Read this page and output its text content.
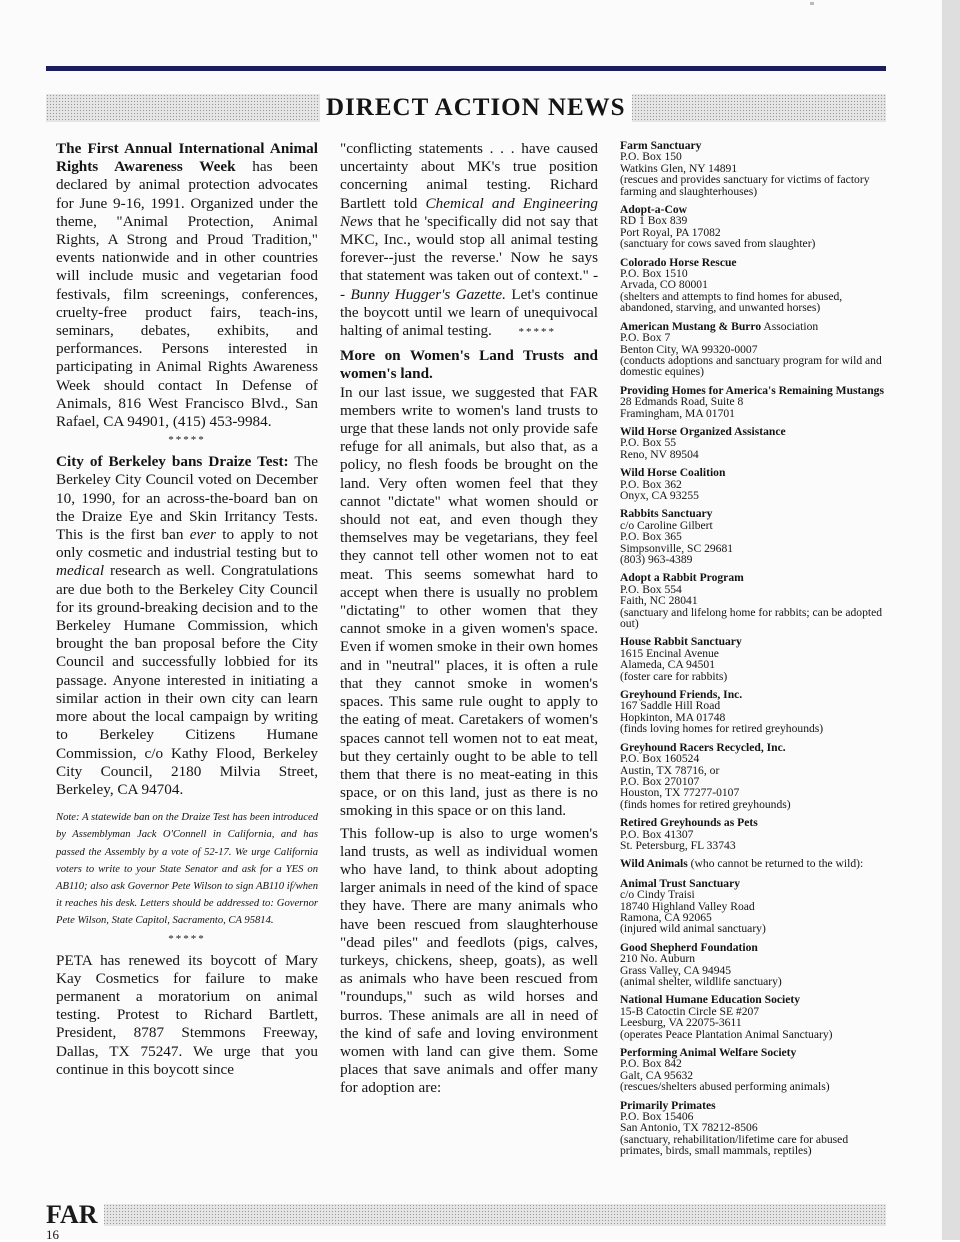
DIRECT ACTION NEWS

The First Annual International Animal Rights Awareness Week has been declared by animal protection advocates for June 9-16, 1991. Organized under the theme, "Animal Protection, Animal Rights, A Strong and Proud Tradition," events nationwide and in other countries will include music and vegetarian food festivals, film screenings, conferences, cruelty-free product fairs, teach-ins, seminars, debates, exhibits, and performances. Persons interested in participating in Animal Rights Awareness Week should contact In Defense of Animals, 816 West Francisco Blvd., San Rafael, CA 94901, (415) 453-9984.

*****

City of Berkeley bans Draize Test: The Berkeley City Council voted on December 10, 1990, for an across-the-board ban on the Draize Eye and Skin Irritancy Tests. This is the first ban ever to apply to not only cosmetic and industrial testing but to medical research as well. Congratulations are due both to the Berkeley City Council for its ground-breaking decision and to the Berkeley Humane Commission, which brought the ban proposal before the City Council and successfully lobbied for its passage. Anyone interested in initiating a similar action in their own city can learn more about the local campaign by writing to Berkeley Citizens Humane Commission, c/o Kathy Flood, Berkeley City Council, 2180 Milvia Street, Berkeley, CA 94704.

Note: A statewide ban on the Draize Test has been introduced by Assemblyman Jack O'Connell in California, and has passed the Assembly by a vote of 52-17. We urge California voters to write to your State Senator and ask for a YES on AB110; also ask Governor Pete Wilson to sign AB110 if/when it reaches his desk. Letters should be addressed to: Governor Pete Wilson, State Capitol, Sacramento, CA 95814.

*****

PETA has renewed its boycott of Mary Kay Cosmetics for failure to make permanent a moratorium on animal testing. Protest to Richard Bartlett, President, 8787 Stemmons Freeway, Dallas, TX 75247. We urge that you continue in this boycott since

"conflicting statements . . . have caused uncertainty about MK's true position concerning animal testing. Richard Bartlett told Chemical and Engineering News that he 'specifically did not say that MKC, Inc., would stop all animal testing forever--just the reverse.' Now he says that statement was taken out of context." -- Bunny Hugger's Gazette. Let's continue the boycott until we learn of unequivocal halting of animal testing. *****

More on Women's Land Trusts and women's land.

In our last issue, we suggested that FAR members write to women's land trusts to urge that these lands not only provide safe refuge for all animals, but also that, as a policy, no flesh foods be brought on the land. Very often women feel that they cannot "dictate" what women should or should not eat, and even though they themselves may be vegetarians, they feel they cannot tell other women not to eat meat. This seems somewhat hard to accept when there is usually no problem "dictating" to other women that they cannot smoke in a given women's space. Even if women smoke in their own homes and in "neutral" places, it is often a rule that they cannot smoke in women's spaces. This same rule ought to apply to the eating of meat. Caretakers of women's spaces cannot tell women not to eat meat, but they certainly ought to be able to tell them that there is no meat-eating in this space, or on this land, just as there is no smoking in this space or on this land.

This follow-up is also to urge women's land trusts, as well as individual women who have land, to think about adopting larger animals in need of the kind of space they have. There are many animals who have been rescued from slaughterhouse "dead piles" and feedlots (pigs, calves, turkeys, chickens, sheep, goats), as well as animals who have been rescued from "roundups," such as wild horses and burros. These animals are all in need of the kind of safe and loving environment women with land can give them. Some places that save animals and offer many for adoption are:

Farm Sanctuary
P.O. Box 150
Watkins Glen, NY 14891
(rescues and provides sanctuary for victims of factory farming and slaughterhouses)
Adopt-a-Cow
RD 1 Box 839
Port Royal, PA 17082
(sanctuary for cows saved from slaughter)
Colorado Horse Rescue
P.O. Box 1510
Arvada, CO 80001
(shelters and attempts to find homes for abused, abandoned, starving, and unwanted horses)
American Mustang & Burro Association
P.O. Box 7
Benton City, WA 99320-0007
(conducts adoptions and sanctuary program for wild and domestic equines)
Providing Homes for America's Remaining Mustangs
28 Edmands Road, Suite 8
Framingham, MA 01701
Wild Horse Organized Assistance
P.O. Box 55
Reno, NV 89504
Wild Horse Coalition
P.O. Box 362
Onyx, CA 93255
Rabbits Sanctuary
c/o Caroline Gilbert
P.O. Box 365
Simpsonville, SC 29681
(803) 963-4389
Adopt a Rabbit Program
P.O. Box 554
Faith, NC 28041
(sanctuary and lifelong home for rabbits; can be adopted out)
House Rabbit Sanctuary
1615 Encinal Avenue
Alameda, CA 94501
(foster care for rabbits)
Greyhound Friends, Inc.
167 Saddle Hill Road
Hopkinton, MA 01748
(finds loving homes for retired greyhounds)
Greyhound Racers Recycled, Inc.
P.O. Box 160524
Austin, TX 78716, or
P.O. Box 270107
Houston, TX 77277-0107
(finds homes for retired greyhounds)
Retired Greyhounds as Pets
P.O. Box 41307
St. Petersburg, FL 33743

Wild Animals (who cannot be returned to the wild):

Animal Trust Sanctuary
c/o Cindy Traisi
18740 Highland Valley Road
Ramona, CA 92065
(injured wild animal sanctuary)
Good Shepherd Foundation
210 No. Auburn
Grass Valley, CA 94945
(animal shelter, wildlife sanctuary)
National Humane Education Society
15-B Catoctin Circle SE #207
Leesburg, VA 22075-3611
(operates Peace Plantation Animal Sanctuary)
Performing Animal Welfare Society
P.O. Box 842
Galt, CA 95632
(rescues/shelters abused performing animals)
Primarily Primates
P.O. Box 15406
San Antonio, TX 78212-8506
(sanctuary, rehabilitation/lifetime care for abused primates, birds, small mammals, reptiles)
FAR
16
